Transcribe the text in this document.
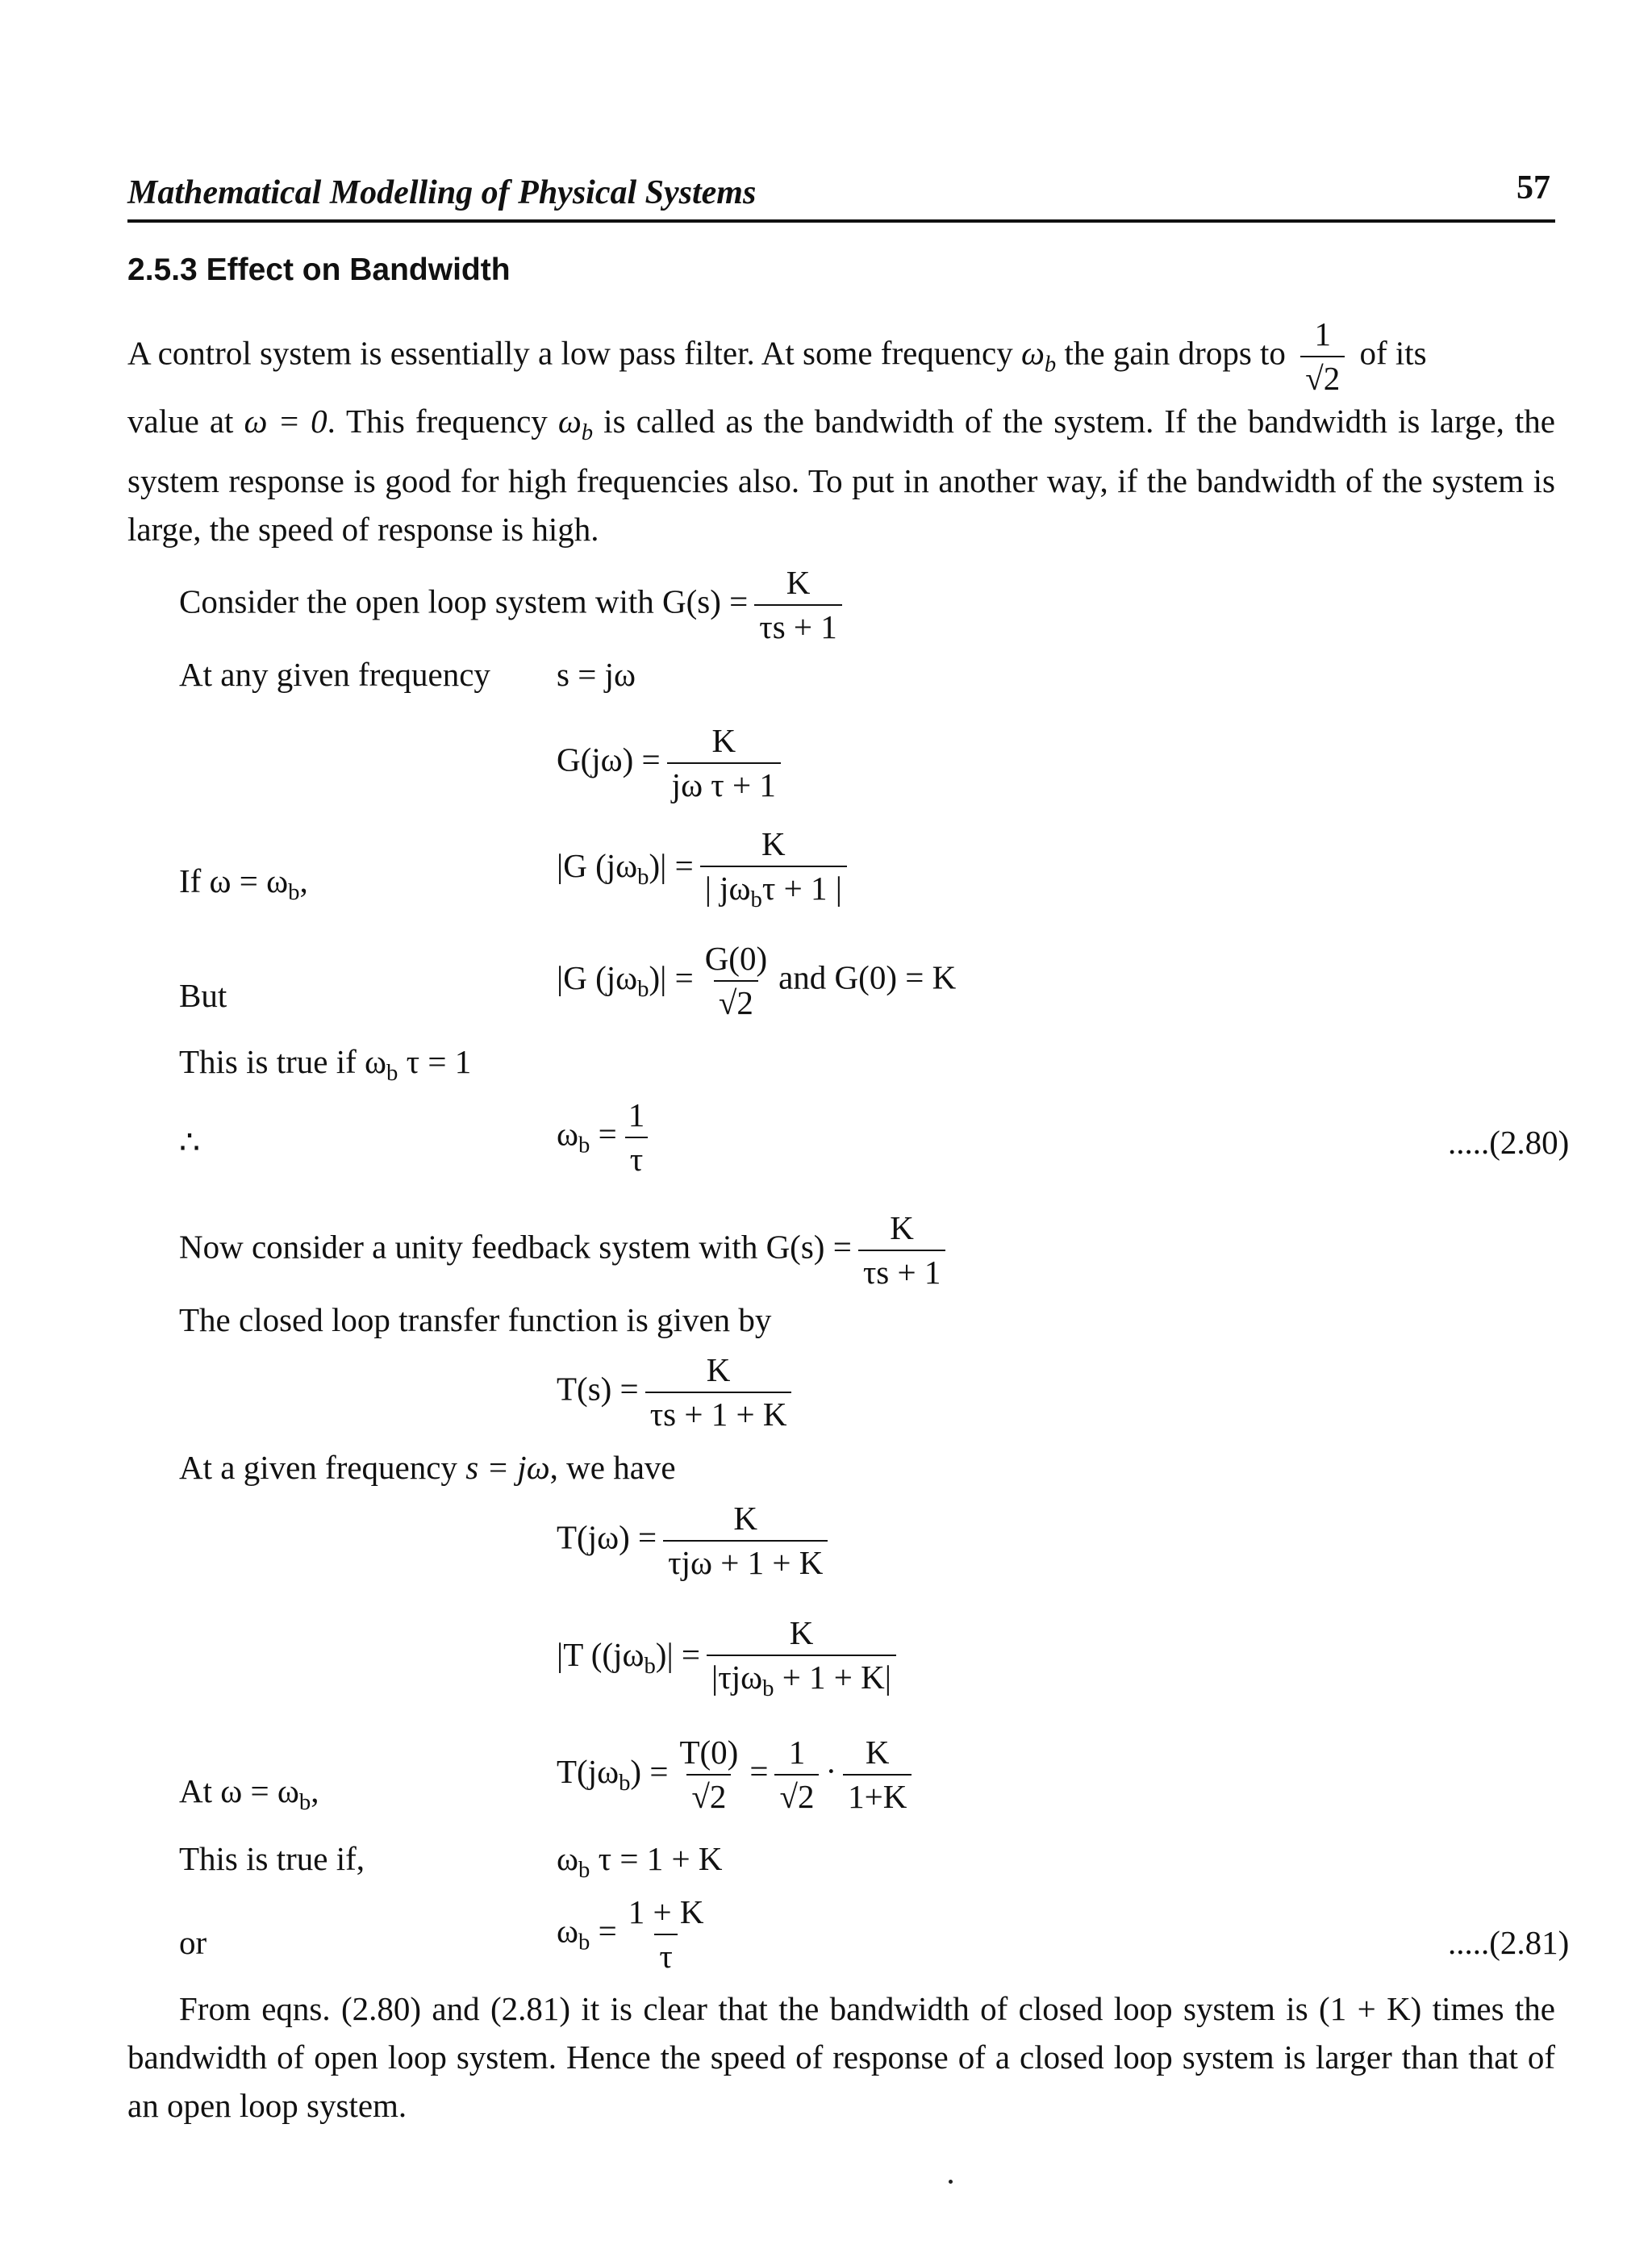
Mathematical Modelling of Physical Systems	57
2.5.3 Effect on Bandwidth
A control system is essentially a low pass filter. At some frequency $\omega_b$ the gain drops to $\frac{1}{√2}$ of its
value at ω = 0. This frequency $\omega_b$ is called as the bandwidth of the system. If the bandwidth is large, the system response is good for high frequencies also. To put in another way, if the bandwidth of the system is large, the speed of response is high.
Consider the open loop system with $G(s) = \frac{K}{\tau s + 1}$
At any given frequency s = jω
$G(j\omega) = \frac{K}{\text{jω τ + 1}}$
If $\omega = \omega_b$,	|G $(j\omega_b)| = \frac{K}{| j\omega_b\tau + 1 |}$
But	|G $(j\omega_b)| = \frac{G(0)}{√2}$ and G(0) = K
This is true if $\omega_b$ τ = 1
∴	$\omega_b = \frac{1}{\tau}$	.....(2.80)
Now consider a unity feedback system with $G(s) = \frac{K}{\tau s + 1}$
The closed loop transfer function is given by
$T(s) = \frac{K}{\tau s + 1 + K}$
At a given frequency s = jω, we have
$T(j\omega) = \frac{K}{\text{τjω + 1 + K}}$
|T ($(j\omega_b)| = \frac{K}{|\tau j\omega_b + 1 + K|}$
At $\omega = \omega_b$,
$T(j\omega_b) = \frac{T(0)}{√2} = \frac{1}{√2} \cdot \frac{K}{1+K}$
This is true if,	$\omega_b$ τ = 1 + K
or	$\omega_b = \frac{1 + K}{\tau}$	.....(2.81)
From eqns. (2.80) and (2.81) it is clear that the bandwidth of closed loop system is (1 + K) times the bandwidth of open loop system. Hence the speed of response of a closed loop system is larger than that of an open loop system.
